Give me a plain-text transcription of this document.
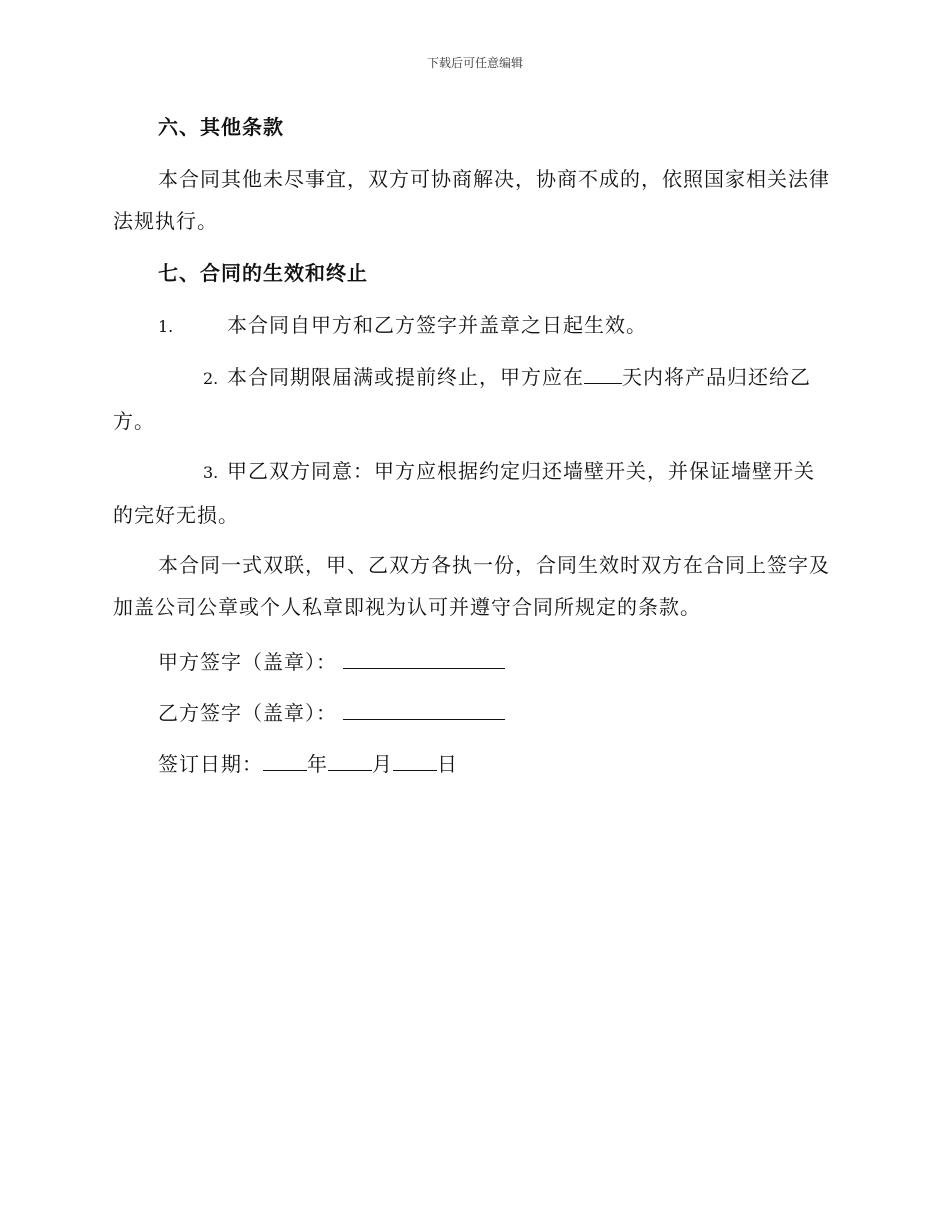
下载后可任意编辑
六、其他条款
本合同其他未尽事宜，双方可协商解决，协商不成的，依照国家相关法律法规执行。
七、合同的生效和终止
1.	本合同自甲方和乙方签字并盖章之日起生效。
2. 本合同期限届满或提前终止，甲方应在 天内将产品归还给乙方。
3. 甲乙双方同意：甲方应根据约定归还墙壁开关，并保证墙壁开关的完好无损。
本合同一式双联，甲、乙双方各执一份，合同生效时双方在合同上签字及加盖公司公章或个人私章即视为认可并遵守合同所规定的条款。
甲方签字（盖章）：
乙方签字（盖章）：
签订日期： 年 月 日
